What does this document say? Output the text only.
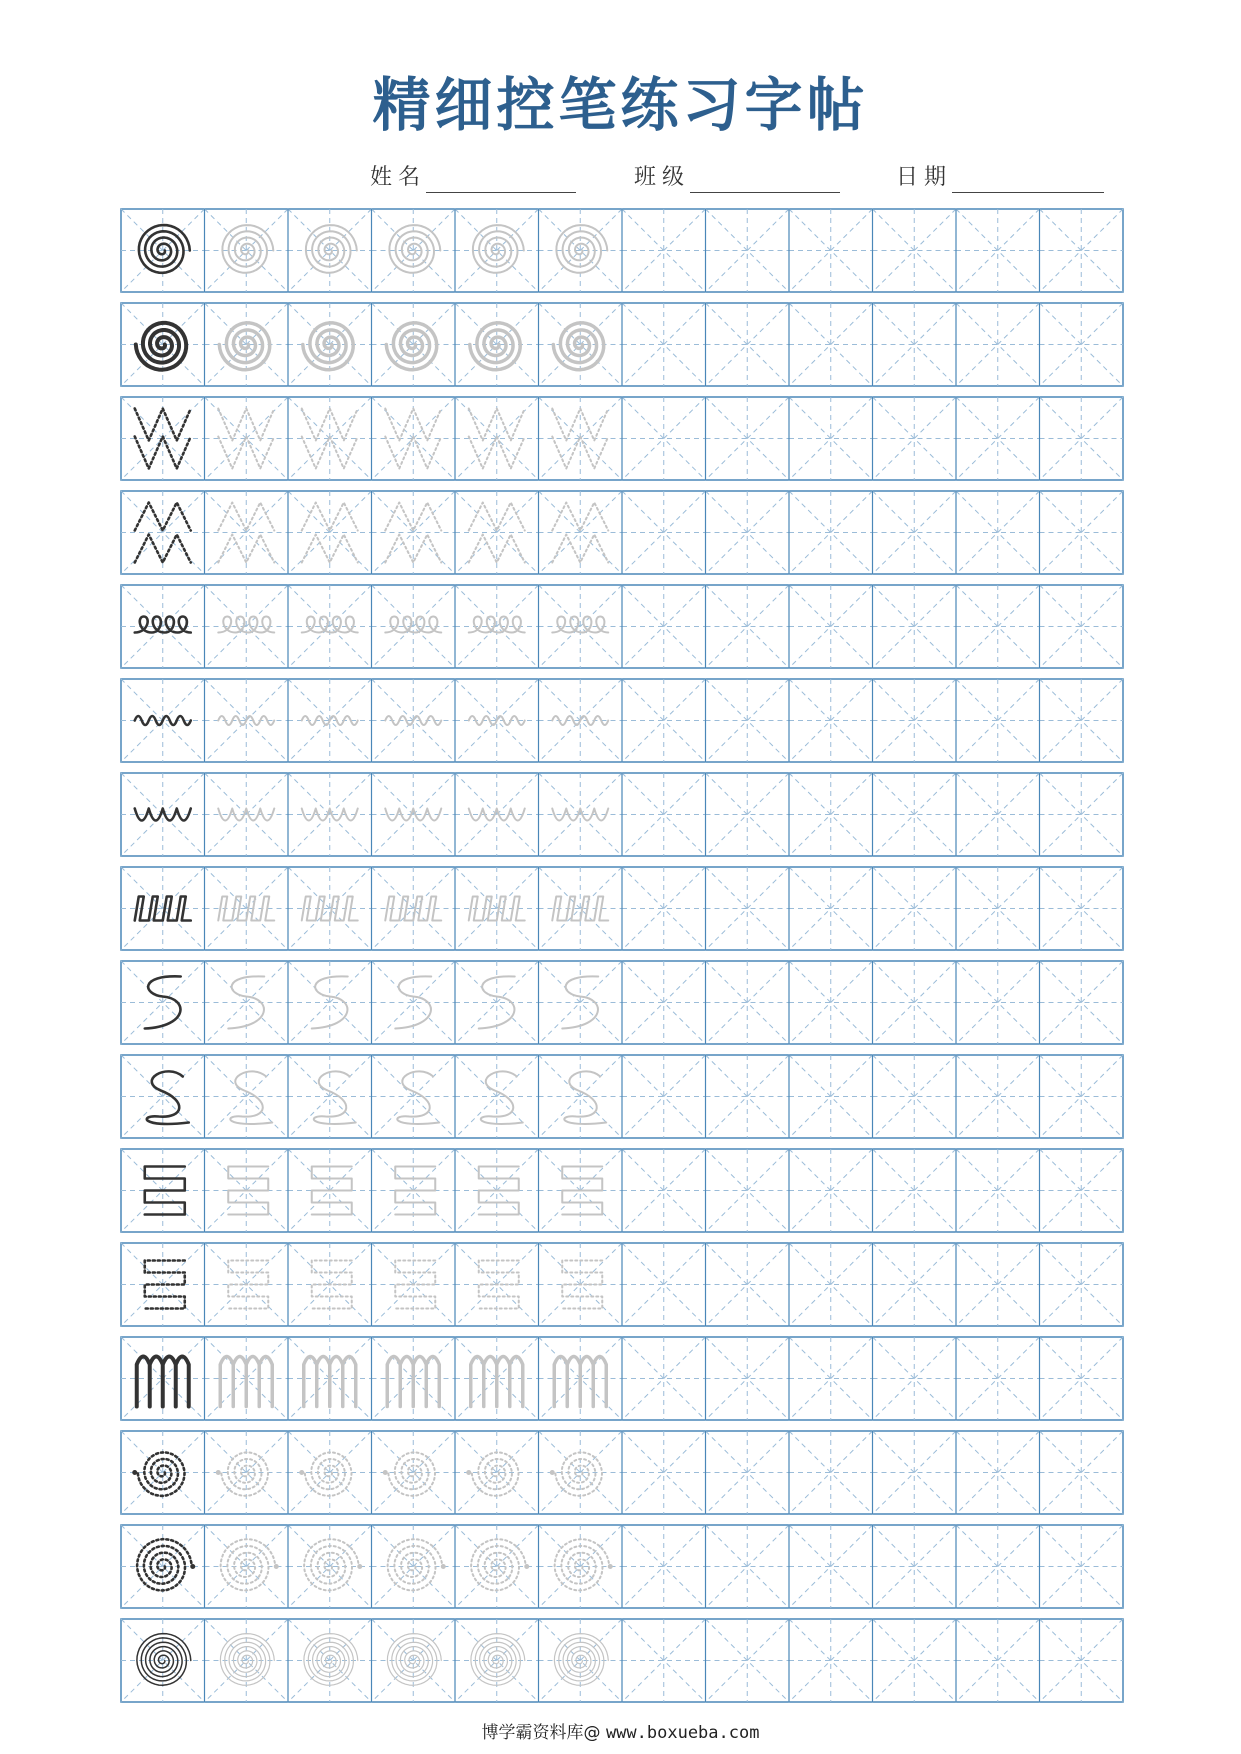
精细控笔练习字帖
姓名	班级	日期
博学霸资料库@ www.boxueba.com
